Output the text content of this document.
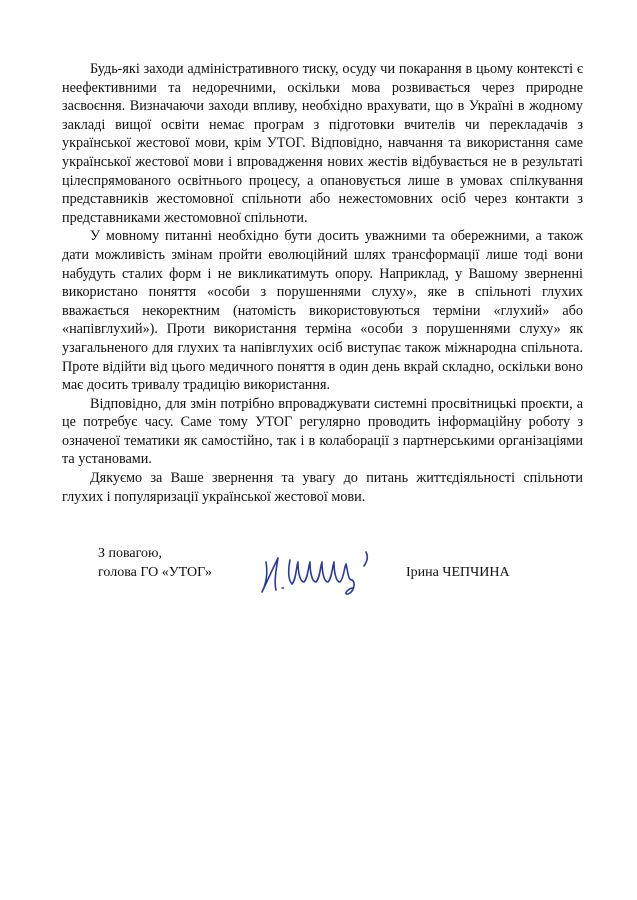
Будь-які заходи адміністративного тиску, осуду чи покарання в цьому контексті є неефективними та недоречними, оскільки мова розвивається через природне засвоєння. Визначаючи заходи впливу, необхідно врахувати, що в Україні в жодному закладі вищої освіти немає програм з підготовки вчителів чи перекладачів з української жестової мови, крім УТОГ. Відповідно, навчання та використання саме української жестової мови і впровадження нових жестів відбувається не в результаті цілеспрямованого освітнього процесу, а опановується лише в умовах спілкування представників жестомовної спільноти або нежестомовних осіб через контакти з представниками жестомовної спільноти.

У мовному питанні необхідно бути досить уважними та обережними, а також дати можливість змінам пройти еволюційний шлях трансформації лише тоді вони набудуть сталих форм і не викликатимуть опору. Наприклад, у Вашому зверненні використано поняття «особи з порушеннями слуху», яке в спільноті глухих вважається некоректним (натомість використовуються терміни «глухий» або «напівглухий»). Проти використання терміна «особи з порушеннями слуху» як узагальненого для глухих та напівглухих осіб виступає також міжнародна спільнота. Проте відійти від цього медичного поняття в один день вкрай складно, оскільки воно має досить тривалу традицію використання.

Відповідно, для змін потрібно впроваджувати системні просвітницькі проєкти, а це потребує часу. Саме тому УТОГ регулярно проводить інформаційну роботу з означеної тематики як самостійно, так і в колаборації з партнерськими організаціями та установами.

Дякуємо за Ваше звернення та увагу до питань життєдіяльності спільноти глухих і популяризації української жестової мови.

З повагою,
голова ГО «УТОГ»	Ірина ЧЕПЧИНА
